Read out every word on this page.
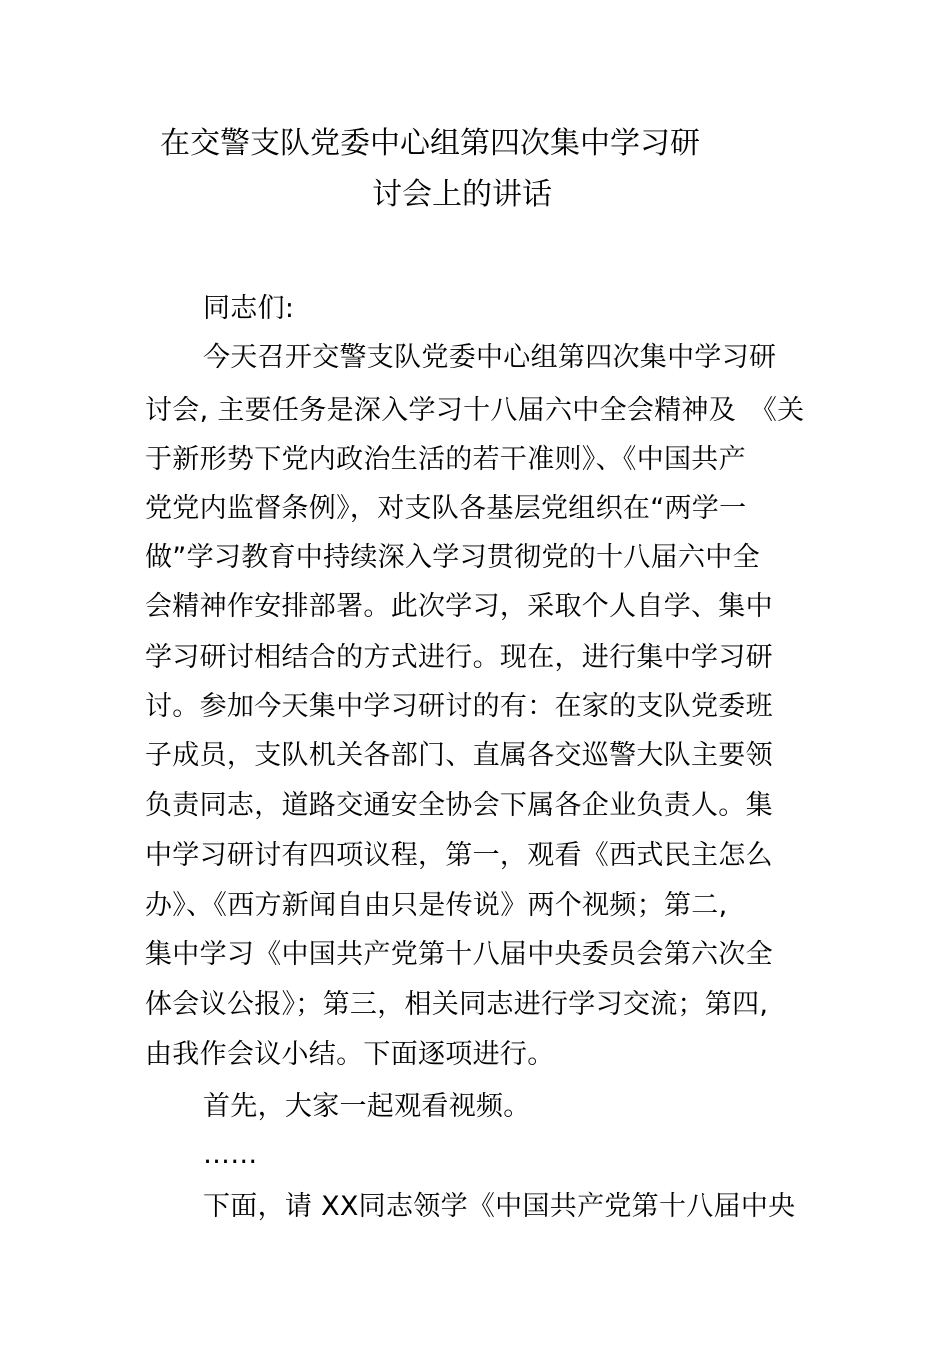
在交警支队党委中心组第四次集中学习研
讨会上的讲话
同志们:
今天召开交警支队党委中心组第四次集中学习研
讨会, 主要任务是深入学习十八届六中全会精神及　《关
于新形势下党内政治生活的若干准则》、《中国共产
党党内监督条例》，对支队各基层党组织在“两学一
做”学习教育中持续深入学习贯彻党的十八届六中全
会精神作安排部署。此次学习，采取个人自学、集中
学习研讨相结合的方式进行。现在，进行集中学习研
讨。参加今天集中学习研讨的有：在家的支队党委班
子成员，支队机关各部门、直属各交巡警大队主要领
负责同志，道路交通安全协会下属各企业负责人。集
中学习研讨有四项议程，第一，观看《西式民主怎么
办》、《西方新闻自由只是传说》两个视频；第二,
集中学习《中国共产党第十八届中央委员会第六次全
体会议公报》；第三，相关同志进行学习交流；第四,
由我作会议小结。下面逐项进行。
首先，大家一起观看视频。
……
下面，请 XX同志领学《中国共产党第十八届中央
